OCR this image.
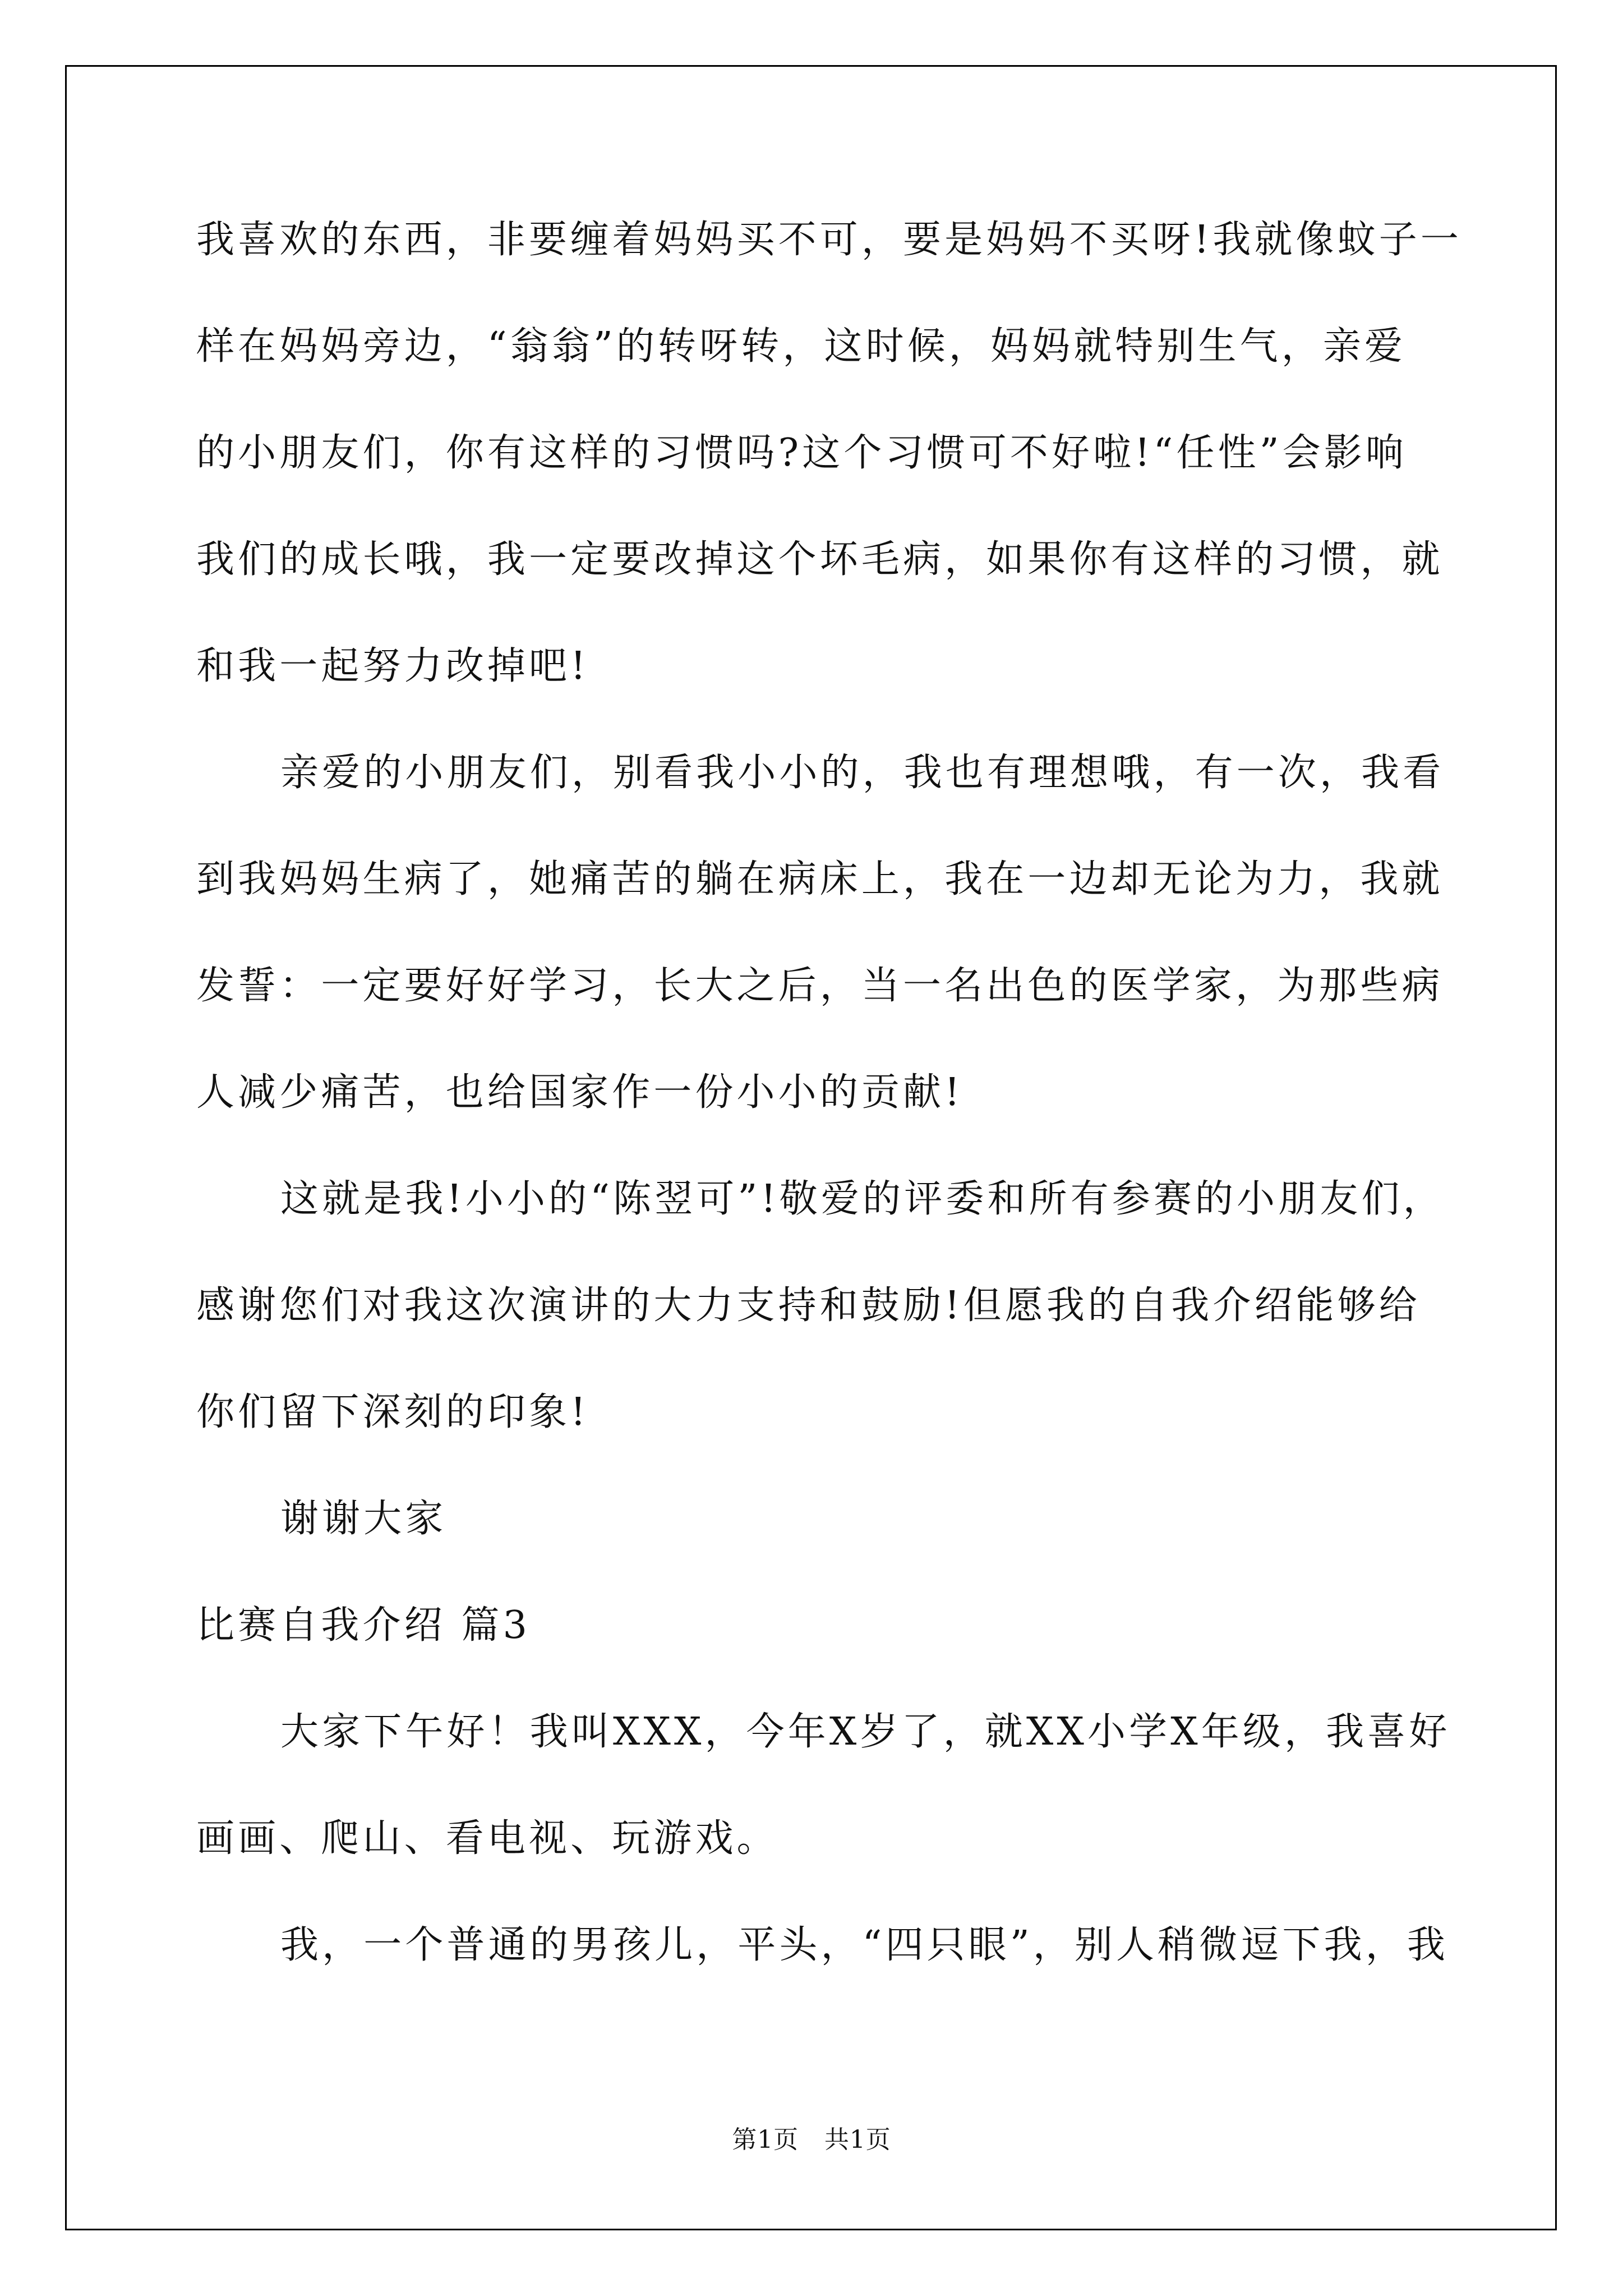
我喜欢的东西，非要缠着妈妈买不可，要是妈妈不买呀!我就像蚊子一
样在妈妈旁边，“翁翁”的转呀转，这时候，妈妈就特别生气，亲爱
的小朋友们，你有这样的习惯吗?这个习惯可不好啦!“任性”会影响
我们的成长哦，我一定要改掉这个坏毛病，如果你有这样的习惯，就
和我一起努力改掉吧!
亲爱的小朋友们，别看我小小的，我也有理想哦，有一次，我看
到我妈妈生病了，她痛苦的躺在病床上，我在一边却无论为力，我就
发誓：一定要好好学习，长大之后，当一名出色的医学家，为那些病
人减少痛苦，也给国家作一份小小的贡献!
这就是我!小小的“陈翌可”!敬爱的评委和所有参赛的小朋友们，
感谢您们对我这次演讲的大力支持和鼓励!但愿我的自我介绍能够给
你们留下深刻的印象!
谢谢大家
比赛自我介绍 篇3
大家下午好！我叫XXX，今年X岁了，就XX小学X年级，我喜好
画画、爬山、看电视、玩游戏。
我，一个普通的男孩儿，平头，“四只眼”，别人稍微逗下我，我
第1页 共1页
